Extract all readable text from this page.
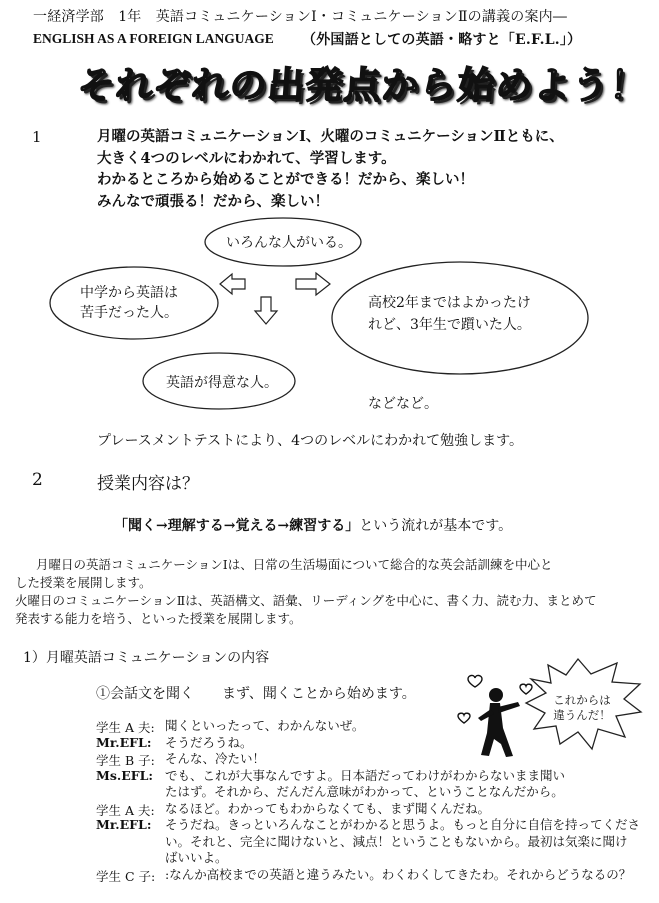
一経済学部　1年　英語コミュニケーションⅠ・コミュニケーションⅡの講義の案内―
ENGLISH AS A FOREIGN LANGUAGE （外国語としての英語・略すと「E.F.L.」）
それぞれの出発点から始めよう！
1	月曜の英語コミュニケーションⅠ、火曜のコミュニケーションⅡともに、
大きく4つのレベルにわかれて、学習します。
わかるところから始めることができる！だから、楽しい！
みんなで頑張る！だから、楽しい！
いろんな人がいる。
中学から英語は
苦手だった人。
高校2年まではよかったけ
れど、3年生で躓いた人。
英語が得意な人。
などなど。
プレースメントテストにより、4つのレベルにわかれて勉強します。
2	授業内容は？
「聞く→理解する→覚える→練習する」という流れが基本です。
月曜日の英語コミュニケーションⅠは、日常の生活場面について総合的な英会話訓練を中心と
した授業を展開します。
火曜日のコミュニケーションⅡは、英語構文、語彙、リーディングを中心に、書く力、読む力、まとめて
発表する能力を培う、といった授業を展開します。
1）月曜英語コミュニケーションの内容
①会話文を聞く　　まず、聞くことから始めます。	これからは
違うんだ！
学生 A 夫: 聞くといったって、わかんないぜ。
Mr.EFL: そうだろうね。
学生 B 子: そんな、冷たい！
Ms.EFL: でも、これが大事なんですよ。日本語だってわけがわからないまま聞い
たはず。それから、だんだん意味がわかって、ということなんだから。
学生 A 夫: なるほど。わかってもわからなくても、まず聞くんだね。
Mr.EFL: そうだね。きっといろんなことがわかると思うよ。もっと自分に自信を持ってくださ
い。それと、完全に聞けないと、減点！ということもないから。最初は気楽に聞け
ばいいよ。
学生 C 子: :なんか高校までの英語と違うみたい。わくわくしてきたわ。それからどうなるの？
